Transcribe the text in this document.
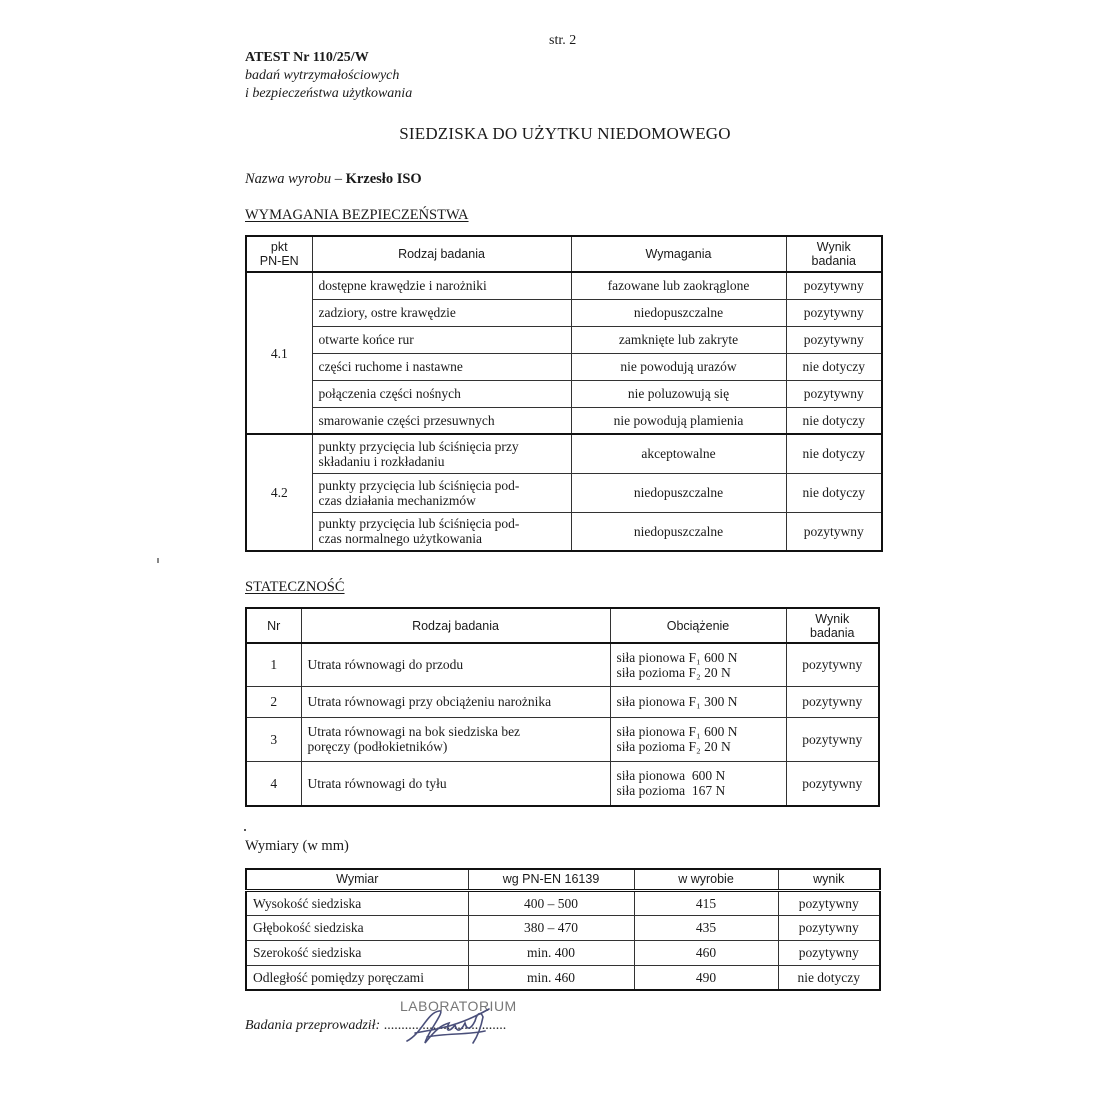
str. 2
ATEST Nr 110/25/W
badań wytrzymałościowych
i bezpieczeństwa użytkowania
SIEDZISKA DO UŻYTKU NIEDOMOWEGO
Nazwa wyrobu – Krzesło ISO
WYMAGANIA BEZPIECZEŃSTWA
pkt
PN-EN	Rodzaj badania	Wymagania	Wynik
badania
4.1	dostępne krawędzie i narożniki	fazowane lub zaokrąglone	pozytywny
	zadziory, ostre krawędzie	niedopuszczalne	pozytywny
	otwarte końce rur	zamknięte lub zakryte	pozytywny
	części ruchome i nastawne	nie powodują urazów	nie dotyczy
	połączenia części nośnych	nie poluzowują się	pozytywny
	smarowanie części przesuwnych	nie powodują plamienia	nie dotyczy
4.2	punkty przycięcia lub ściśnięcia przy
składaniu i rozkładaniu	akceptowalne	nie dotyczy
	punkty przycięcia lub ściśnięcia pod-
czas działania mechanizmów	niedopuszczalne	nie dotyczy
	punkty przycięcia lub ściśnięcia pod-
czas normalnego użytkowania	niedopuszczalne	pozytywny
STATECZNOŚĆ
Nr	Rodzaj badania	Obciążenie	Wynik
badania
1	Utrata równowagi do przodu	siła pionowa F₁ 600 N
siła pozioma F₂ 20 N	pozytywny
2	Utrata równowagi przy obciążeniu narożnika	siła pionowa F₁ 300 N	pozytywny
3	Utrata równowagi na bok siedziska bez
poręczy (podłokietników)	siła pionowa F₁ 600 N
siła pozioma F₂ 20 N	pozytywny
4	Utrata równowagi do tyłu	siła pionowa  600 N
siła pozioma  167 N	pozytywny
Wymiary (w mm)
Wymiar	wg PN-EN 16139	w wyrobie	wynik
Wysokość siedziska	400 – 500	415	pozytywny
Głębokość siedziska	380 – 470	435	pozytywny
Szerokość siedziska	min. 400	460	pozytywny
Odległość pomiędzy poręczami	min. 460	490	nie dotyczy
LABORATORIUM
Badania przeprowadził: ...................................
